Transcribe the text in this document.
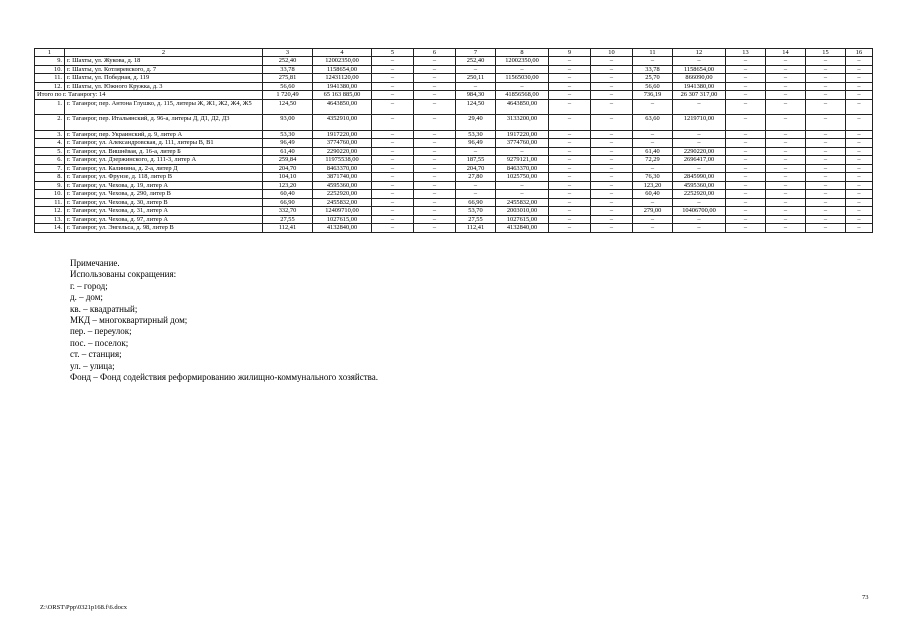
1	2	3	4	5	6	7	8	9	10	11	12	13	14	15	16
9.	г. Шахты, ул. Жукова, д. 18	252,40	12002350,00	–	–	252,40	12002350,00	–	–	–	–	–	–	–	–
10.	г. Шахты, ул. Котляревского, д. 7	33,78	1158654,00	–	–	–	–	–	–	33,78	1158654,00	–	–	–	–
11.	г. Шахты, ул. Победная, д. 119	275,81	12431120,00	–	–	250,11	11565030,00	–	–	25,70	866090,00	–	–	–	–
12.	г. Шахты, ул. Южного Кружка, д. 3	56,60	1941380,00	–	–	–	–	–	–	56,60	1941380,00	–	–	–	–
Итого по г. Таганрогу: 14		1 720,49	65 163 885,00	–	–	984,30	41856568,00	–	–	736,19	26 307 317,00	–	–	–	–
1.	г. Таганрог, пер. Антона Глушко, д. 115, литеры Ж, Ж1, Ж2, Ж4, Ж5	124,50	4643850,00	–	–	124,50	4643850,00	–	–	–	–	–	–	–	–
2.	г. Таганрог, пер. Итальянский, д. 96-а, литеры Д, Д1, Д2, Д3	93,00	4352910,00	–	–	29,40	3133200,00	–	–	63,60	1219710,00	–	–	–	–
3.	г. Таганрог, пер. Украинский, д. 9, литер А	53,30	1917220,00	–	–	53,30	1917220,00	–	–	–	–	–	–	–	–
4.	г. Таганрог, ул. Александровская, д. 111, литеры В, В1	96,49	3774760,00	–	–	96,49	3774760,00	–	–	–	–	–	–	–	–
5.	г. Таганрог, ул. Вишнёвая, д. 16-а, литер Б	61,40	2290220,00	–	–	–	–	–	–	61,40	2290220,00	–	–	–	–
6.	г. Таганрог, ул. Дзержинского, д. 111-3, литер А	259,84	11975538,00	–	–	187,55	9279121,00	–	–	72,29	2696417,00	–	–	–	–
7.	г. Таганрог, ул. Калинина, д. 2-а, литер Д	204,70	8463370,00	–	–	204,70	8463370,00	–	–	–	–	–	–	–	–
8.	г. Таганрог, ул. Фрунзе, д. 118, литер В	104,10	3871740,00	–	–	27,80	1025750,00	–	–	76,30	2845990,00	–	–	–	–
9.	г. Таганрог, ул. Чехова, д. 19, литер А	123,20	4595360,00	–	–	–	–	–	–	123,20	4595360,00	–	–	–	–
10.	г. Таганрог, ул. Чехова, д. 290, литер В	60,40	2252920,00	–	–	–	–	–	–	60,40	2252920,00	–	–	–	–
11.	г. Таганрог, ул. Чехова, д. 30, литер В	66,90	2455832,00	–	–	66,90	2455832,00	–	–	–	–	–	–	–	–
12.	г. Таганрог, ул. Чехова, д. 31, литер А	332,70	12409710,00	–	–	53,70	2003010,00	–	–	279,00	10406700,00	–	–	–	–
13.	г. Таганрог, ул. Чехова, д. 97, литер А	27,55	1027615,00	–	–	27,55	1027615,00	–	–	–	–	–	–	–	–
14.	г. Таганрог, ул. Энгельса, д. 98, литер В	112,41	4132840,00	–	–	112,41	4132840,00	–	–	–	–	–	–	–	–
Примечание.
Использованы сокращения:
г. – город;
д. – дом;
кв. – квадратный;
МКД – многоквартирный дом;
пер. – переулок;
пос. – поселок;
ст. – станция;
ул. – улица;
Фонд – Фонд содействия реформированию жилищно-коммунального хозяйства.
73
Z:\ORST\Ppp\0321p168.f\6.docx
